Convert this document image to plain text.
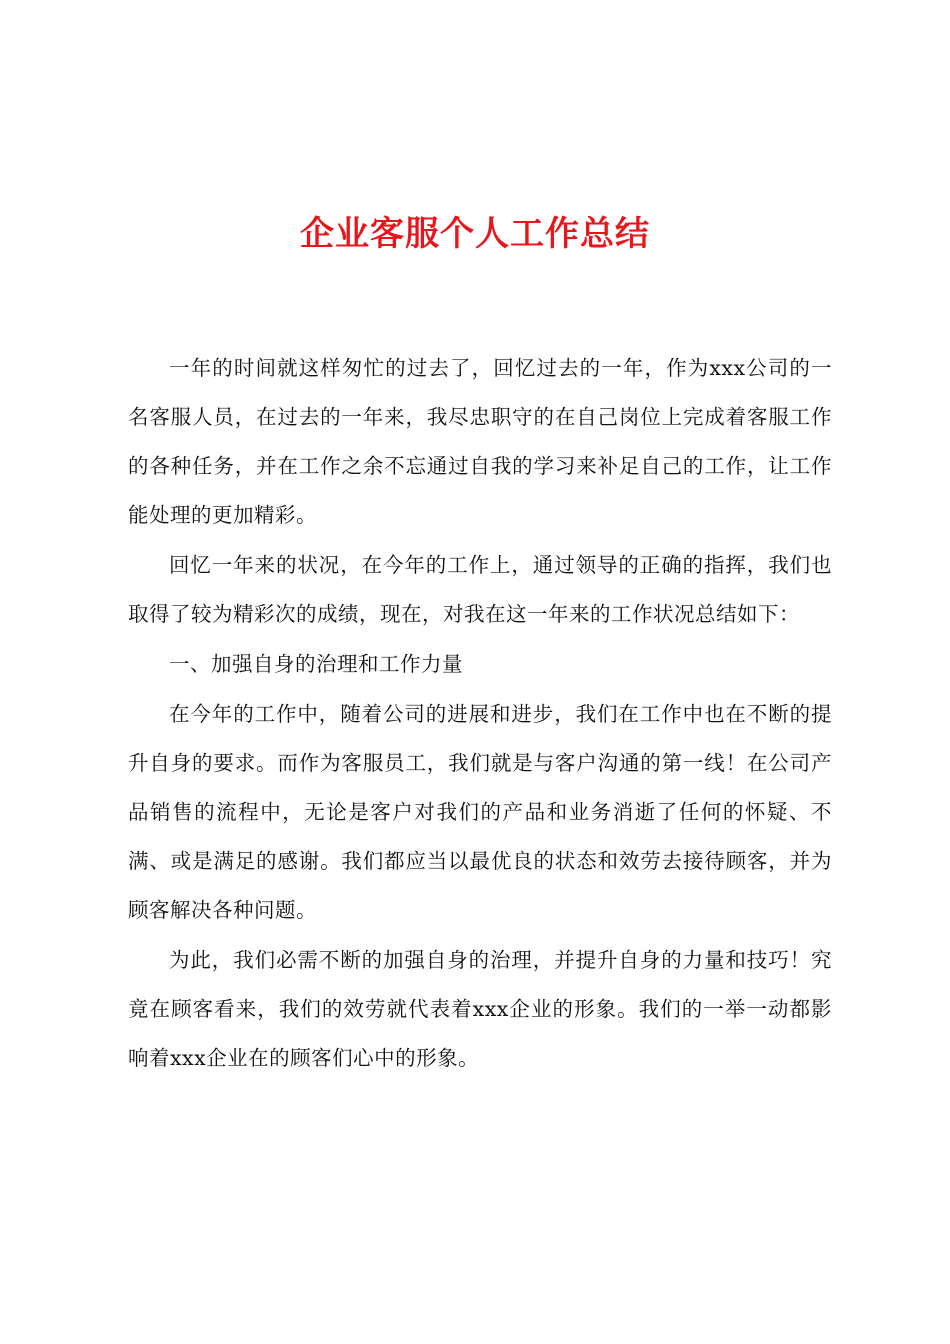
企业客服个人工作总结

一年的时间就这样匆忙的过去了，回忆过去的一年，作为xxx公司的一名客服人员，在过去的一年来，我尽忠职守的在自己岗位上完成着客服工作的各种任务，并在工作之余不忘通过自我的学习来补足自己的工作，让工作能处理的更加精彩。

回忆一年来的状况，在今年的工作上，通过领导的正确的指挥，我们也取得了较为精彩次的成绩，现在，对我在这一年来的工作状况总结如下：

一、加强自身的治理和工作力量

在今年的工作中，随着公司的进展和进步，我们在工作中也在不断的提升自身的要求。而作为客服员工，我们就是与客户沟通的第一线！在公司产品销售的流程中，无论是客户对我们的产品和业务消逝了任何的怀疑、不满、或是满足的感谢。我们都应当以最优良的状态和效劳去接待顾客，并为顾客解决各种问题。

为此，我们必需不断的加强自身的治理，并提升自身的力量和技巧！究竟在顾客看来，我们的效劳就代表着xxx企业的形象。我们的一举一动都影响着xxx企业在的顾客们心中的形象。
